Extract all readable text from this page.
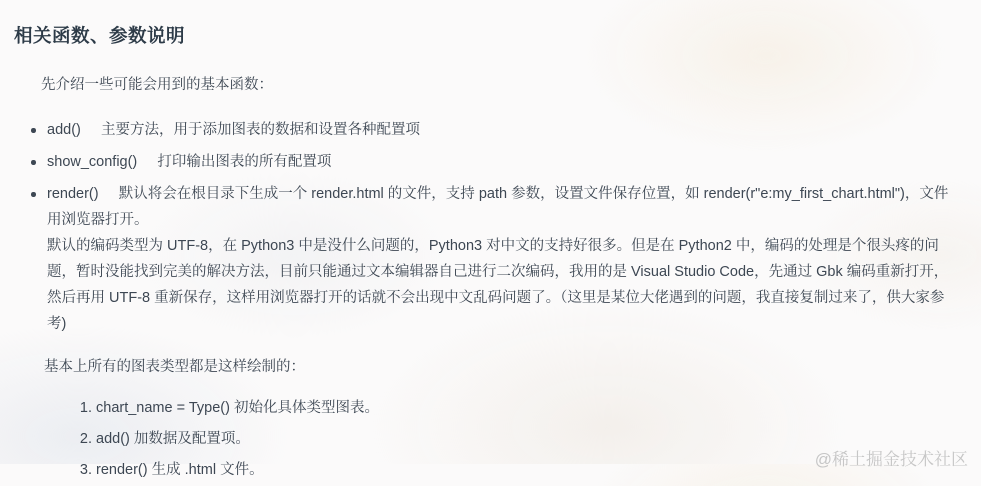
相关函数、参数说明

先介绍一些可能会用到的基本函数：

add()     主要方法，用于添加图表的数据和设置各种配置项
show_config()     打印输出图表的所有配置项
render()     默认将会在根目录下生成一个 render.html 的文件，支持 path 参数，设置文件保存位置，如 render(r"e:my_first_chart.html")，文件用浏览器打开。
默认的编码类型为 UTF-8，在 Python3 中是没什么问题的，Python3 对中文的支持好很多。但是在 Python2 中，编码的处理是个很头疼的问题，暂时没能找到完美的解决方法，目前只能通过文本编辑器自己进行二次编码，我用的是 Visual Studio Code，先通过 Gbk 编码重新打开，然后再用 UTF-8 重新保存，这样用浏览器打开的话就不会出现中文乱码问题了。（这里是某位大佬遇到的问题，我直接复制过来了，供大家参考)

基本上所有的图表类型都是这样绘制的：

1. chart_name = Type() 初始化具体类型图表。
2. add() 加数据及配置项。
3. render() 生成 .html 文件。
@稀土掘金技术社区
